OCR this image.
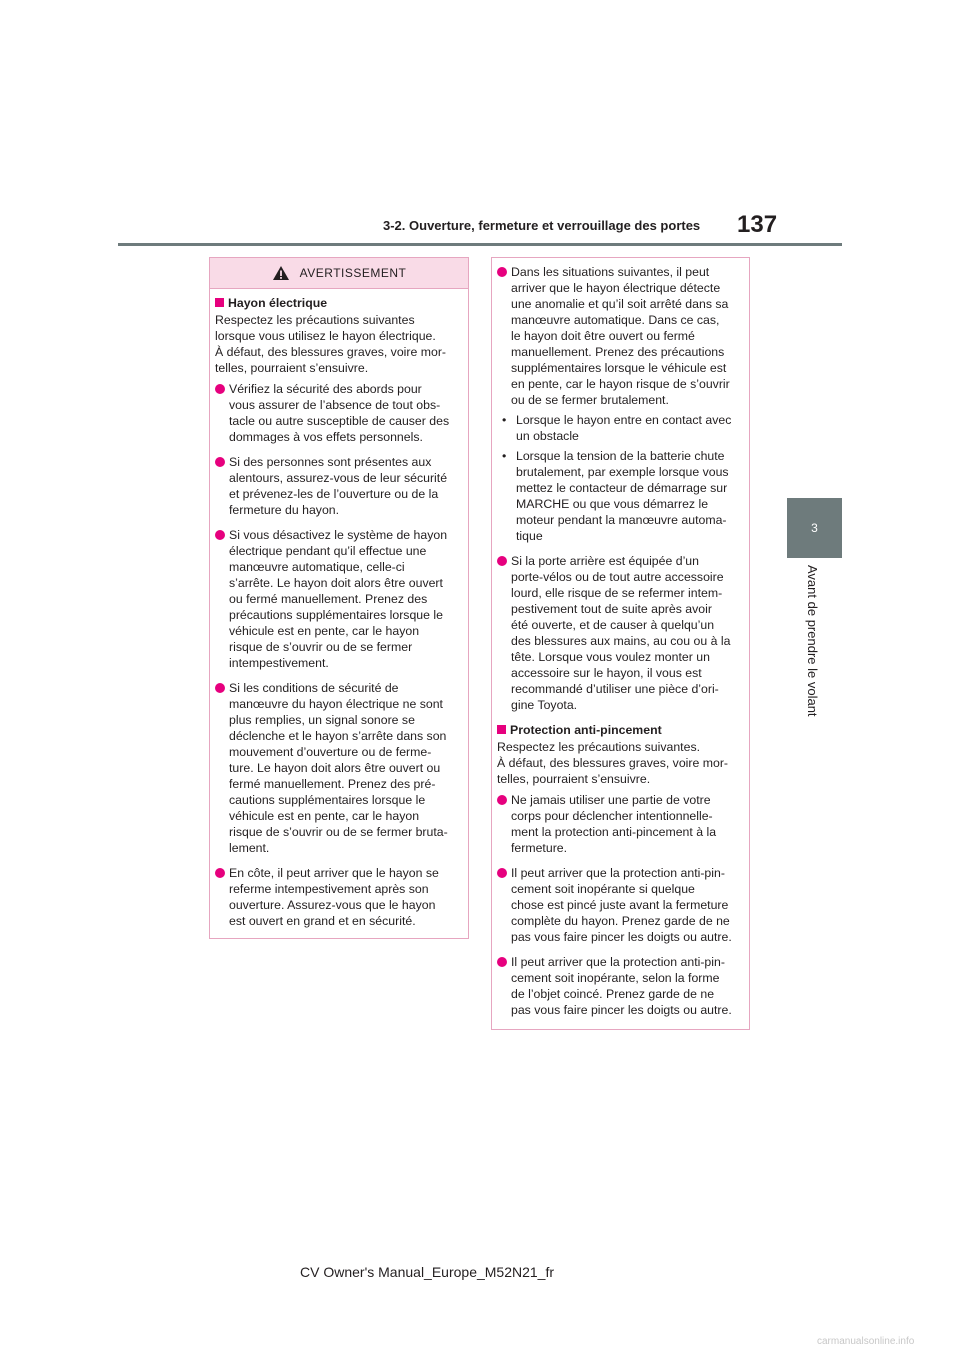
3-2. Ouverture, fermeture et verrouillage des portes 137
3
Avant de prendre le volant
AVERTISSEMENT
Hayon électrique
Respectez les précautions suivantes
lorsque vous utilisez le hayon électrique.
À défaut, des blessures graves, voire mor-
telles, pourraient s’ensuivre.
Vérifiez la sécurité des abords pour
vous assurer de l’absence de tout obs-
tacle ou autre susceptible de causer des
dommages à vos effets personnels.
Si des personnes sont présentes aux
alentours, assurez-vous de leur sécurité
et prévenez-les de l’ouverture ou de la
fermeture du hayon.
Si vous désactivez le système de hayon
électrique pendant qu’il effectue une
manœuvre automatique, celle-ci
s’arrête. Le hayon doit alors être ouvert
ou fermé manuellement. Prenez des
précautions supplémentaires lorsque le
véhicule est en pente, car le hayon
risque de s’ouvrir ou de se fermer
intempestivement.
Si les conditions de sécurité de
manœuvre du hayon électrique ne sont
plus remplies, un signal sonore se
déclenche et le hayon s’arrête dans son
mouvement d’ouverture ou de ferme-
ture. Le hayon doit alors être ouvert ou
fermé manuellement. Prenez des pré-
cautions supplémentaires lorsque le
véhicule est en pente, car le hayon
risque de s’ouvrir ou de se fermer bruta-
lement.
En côte, il peut arriver que le hayon se
referme intempestivement après son
ouverture. Assurez-vous que le hayon
est ouvert en grand et en sécurité.
Dans les situations suivantes, il peut
arriver que le hayon électrique détecte
une anomalie et qu’il soit arrêté dans sa
manœuvre automatique. Dans ce cas,
le hayon doit être ouvert ou fermé
manuellement. Prenez des précautions
supplémentaires lorsque le véhicule est
en pente, car le hayon risque de s’ouvrir
ou de se fermer brutalement.
• Lorsque le hayon entre en contact avec
un obstacle
• Lorsque la tension de la batterie chute
brutalement, par exemple lorsque vous
mettez le contacteur de démarrage sur
MARCHE ou que vous démarrez le
moteur pendant la manœuvre automa-
tique
Si la porte arrière est équipée d’un
porte-vélos ou de tout autre accessoire
lourd, elle risque de se refermer intem-
pestivement tout de suite après avoir
été ouverte, et de causer à quelqu’un
des blessures aux mains, au cou ou à la
tête. Lorsque vous voulez monter un
accessoire sur le hayon, il vous est
recommandé d’utiliser une pièce d’ori-
gine Toyota.
Protection anti-pincement
Respectez les précautions suivantes.
À défaut, des blessures graves, voire mor-
telles, pourraient s’ensuivre.
Ne jamais utiliser une partie de votre
corps pour déclencher intentionnelle-
ment la protection anti-pincement à la
fermeture.
Il peut arriver que la protection anti-pin-
cement soit inopérante si quelque
chose est pincé juste avant la fermeture
complète du hayon. Prenez garde de ne
pas vous faire pincer les doigts ou autre.
Il peut arriver que la protection anti-pin-
cement soit inopérante, selon la forme
de l’objet coincé. Prenez garde de ne
pas vous faire pincer les doigts ou autre.
CV Owner's Manual_Europe_M52N21_fr
carmanualsonline.info
